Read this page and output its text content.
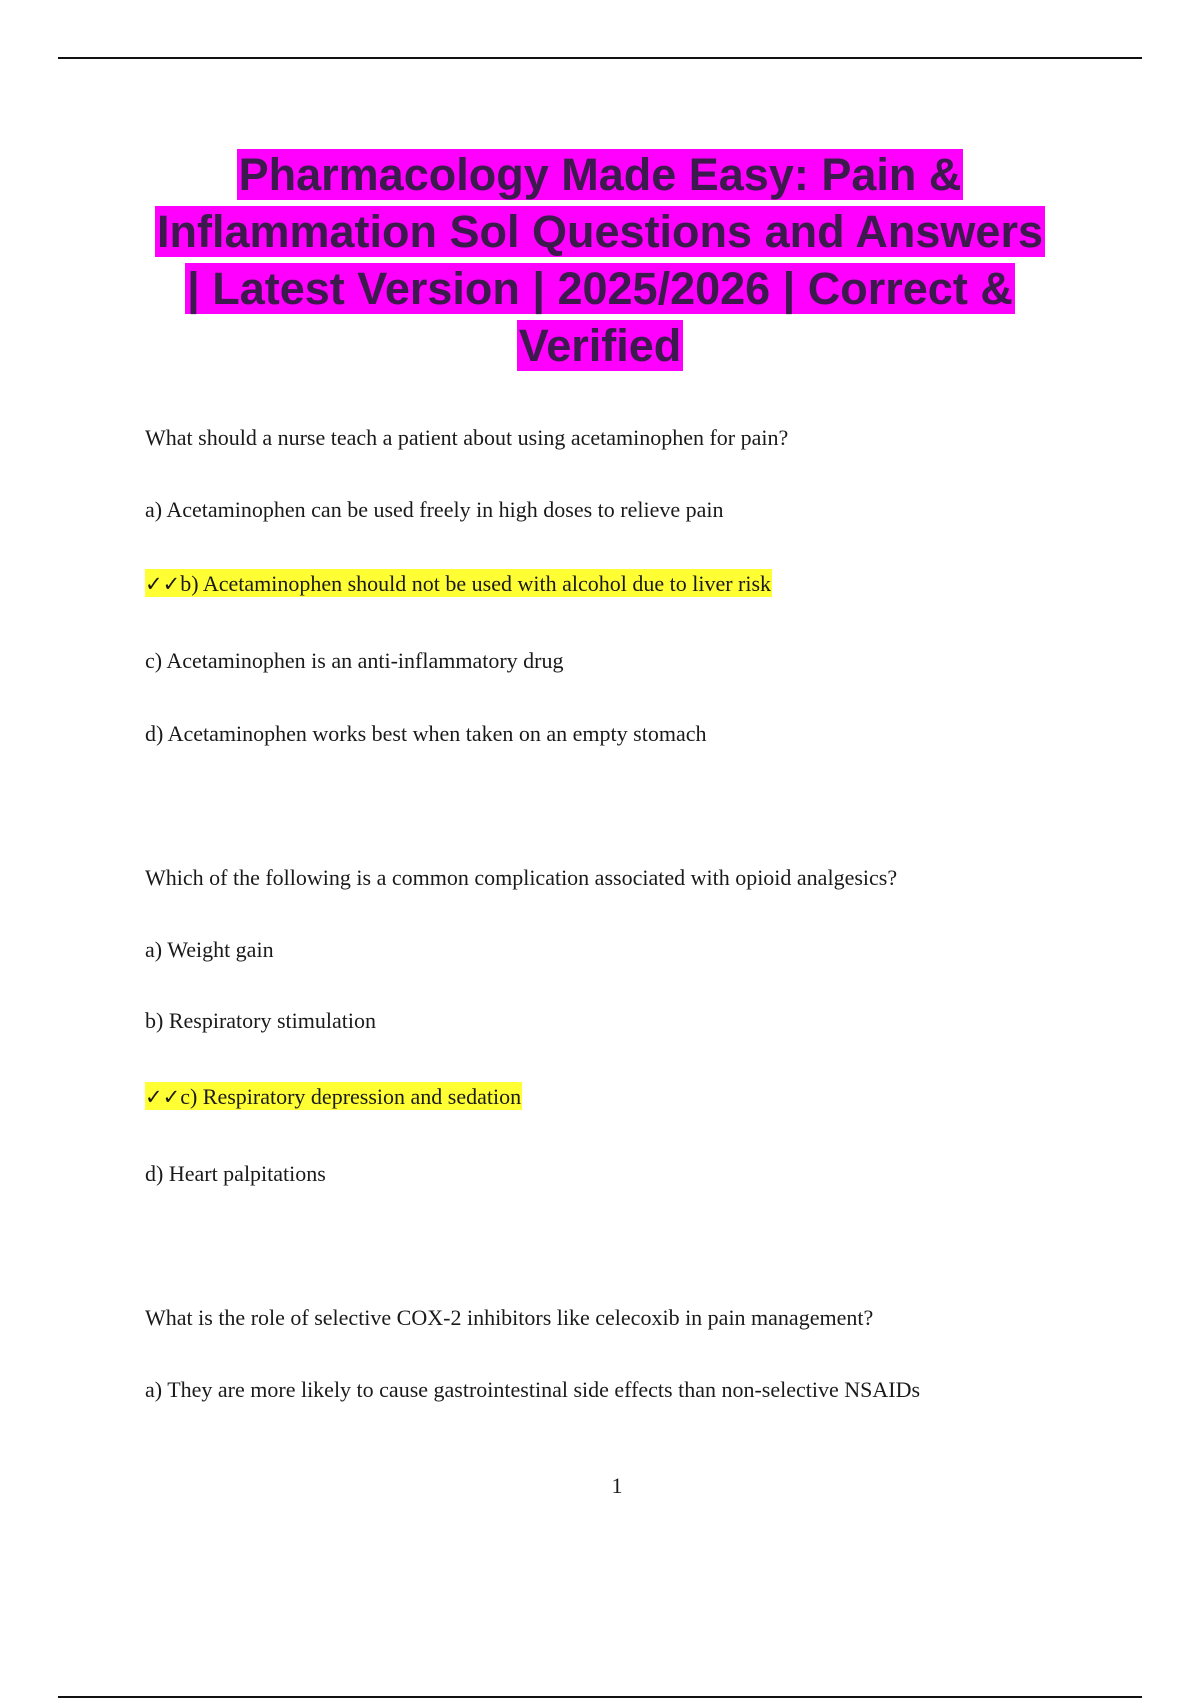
Pharmacology Made Easy: Pain & Inflammation Sol Questions and Answers | Latest Version | 2025/2026 | Correct & Verified

What should a nurse teach a patient about using acetaminophen for pain?

a) Acetaminophen can be used freely in high doses to relieve pain

✓✓b) Acetaminophen should not be used with alcohol due to liver risk

c) Acetaminophen is an anti-inflammatory drug

d) Acetaminophen works best when taken on an empty stomach

Which of the following is a common complication associated with opioid analgesics?

a) Weight gain

b) Respiratory stimulation

✓✓c) Respiratory depression and sedation

d) Heart palpitations

What is the role of selective COX-2 inhibitors like celecoxib in pain management?

a) They are more likely to cause gastrointestinal side effects than non-selective NSAIDs

1
